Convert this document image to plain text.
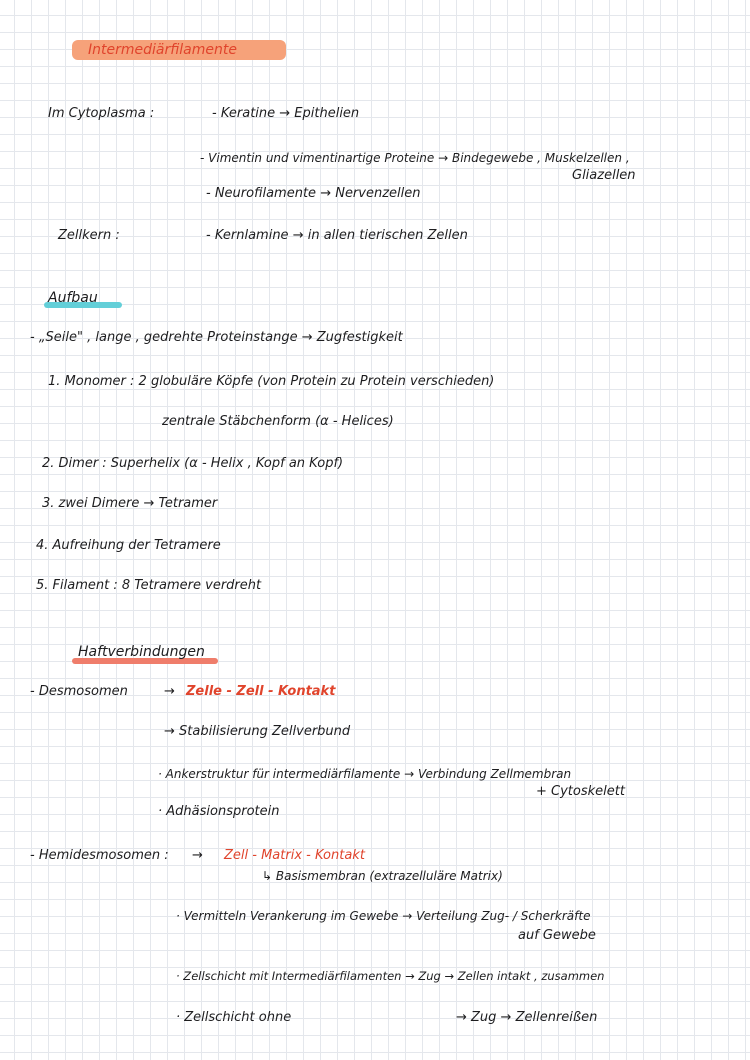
Intermediärfilamente
Im Cytoplasma :	- Keratine → Epithelien
- Vimentin und vimentinartige Proteine → Bindegewebe , Muskelzellen ,
Gliazellen
- Neurofilamente → Nervenzellen
Zellkern :	- Kernlamine → in allen tierischen Zellen
Aufbau
- „Seile" , lange , gedrehte Proteinstange → Zugfestigkeit
1. Monomer : 2 globuläre Köpfe (von Protein zu Protein verschieden)
zentrale Stäbchenform (α - Helices)
2. Dimer : Superhelix (α - Helix , Kopf an Kopf)
3. zwei Dimere → Tetramer
4. Aufreihung der Tetramere
5. Filament : 8 Tetramere verdreht
Haftverbindungen
- Desmosomen	→ Zelle - Zell - Kontakt
→ Stabilisierung Zellverbund
· Ankerstruktur für intermediärfilamente → Verbindung Zellmembran
+ Cytoskelett
· Adhäsionsprotein
- Hemidesmosomen : → Zell - Matrix - Kontakt
↳ Basismembran (extrazelluläre Matrix)
· Vermitteln Verankerung im Gewebe → Verteilung Zug- / Scherkräfte
auf Gewebe
· Zellschicht mit Intermediärfilamenten → Zug → Zellen intakt , zusammen
· Zellschicht ohne	→ Zug → Zellenreißen
